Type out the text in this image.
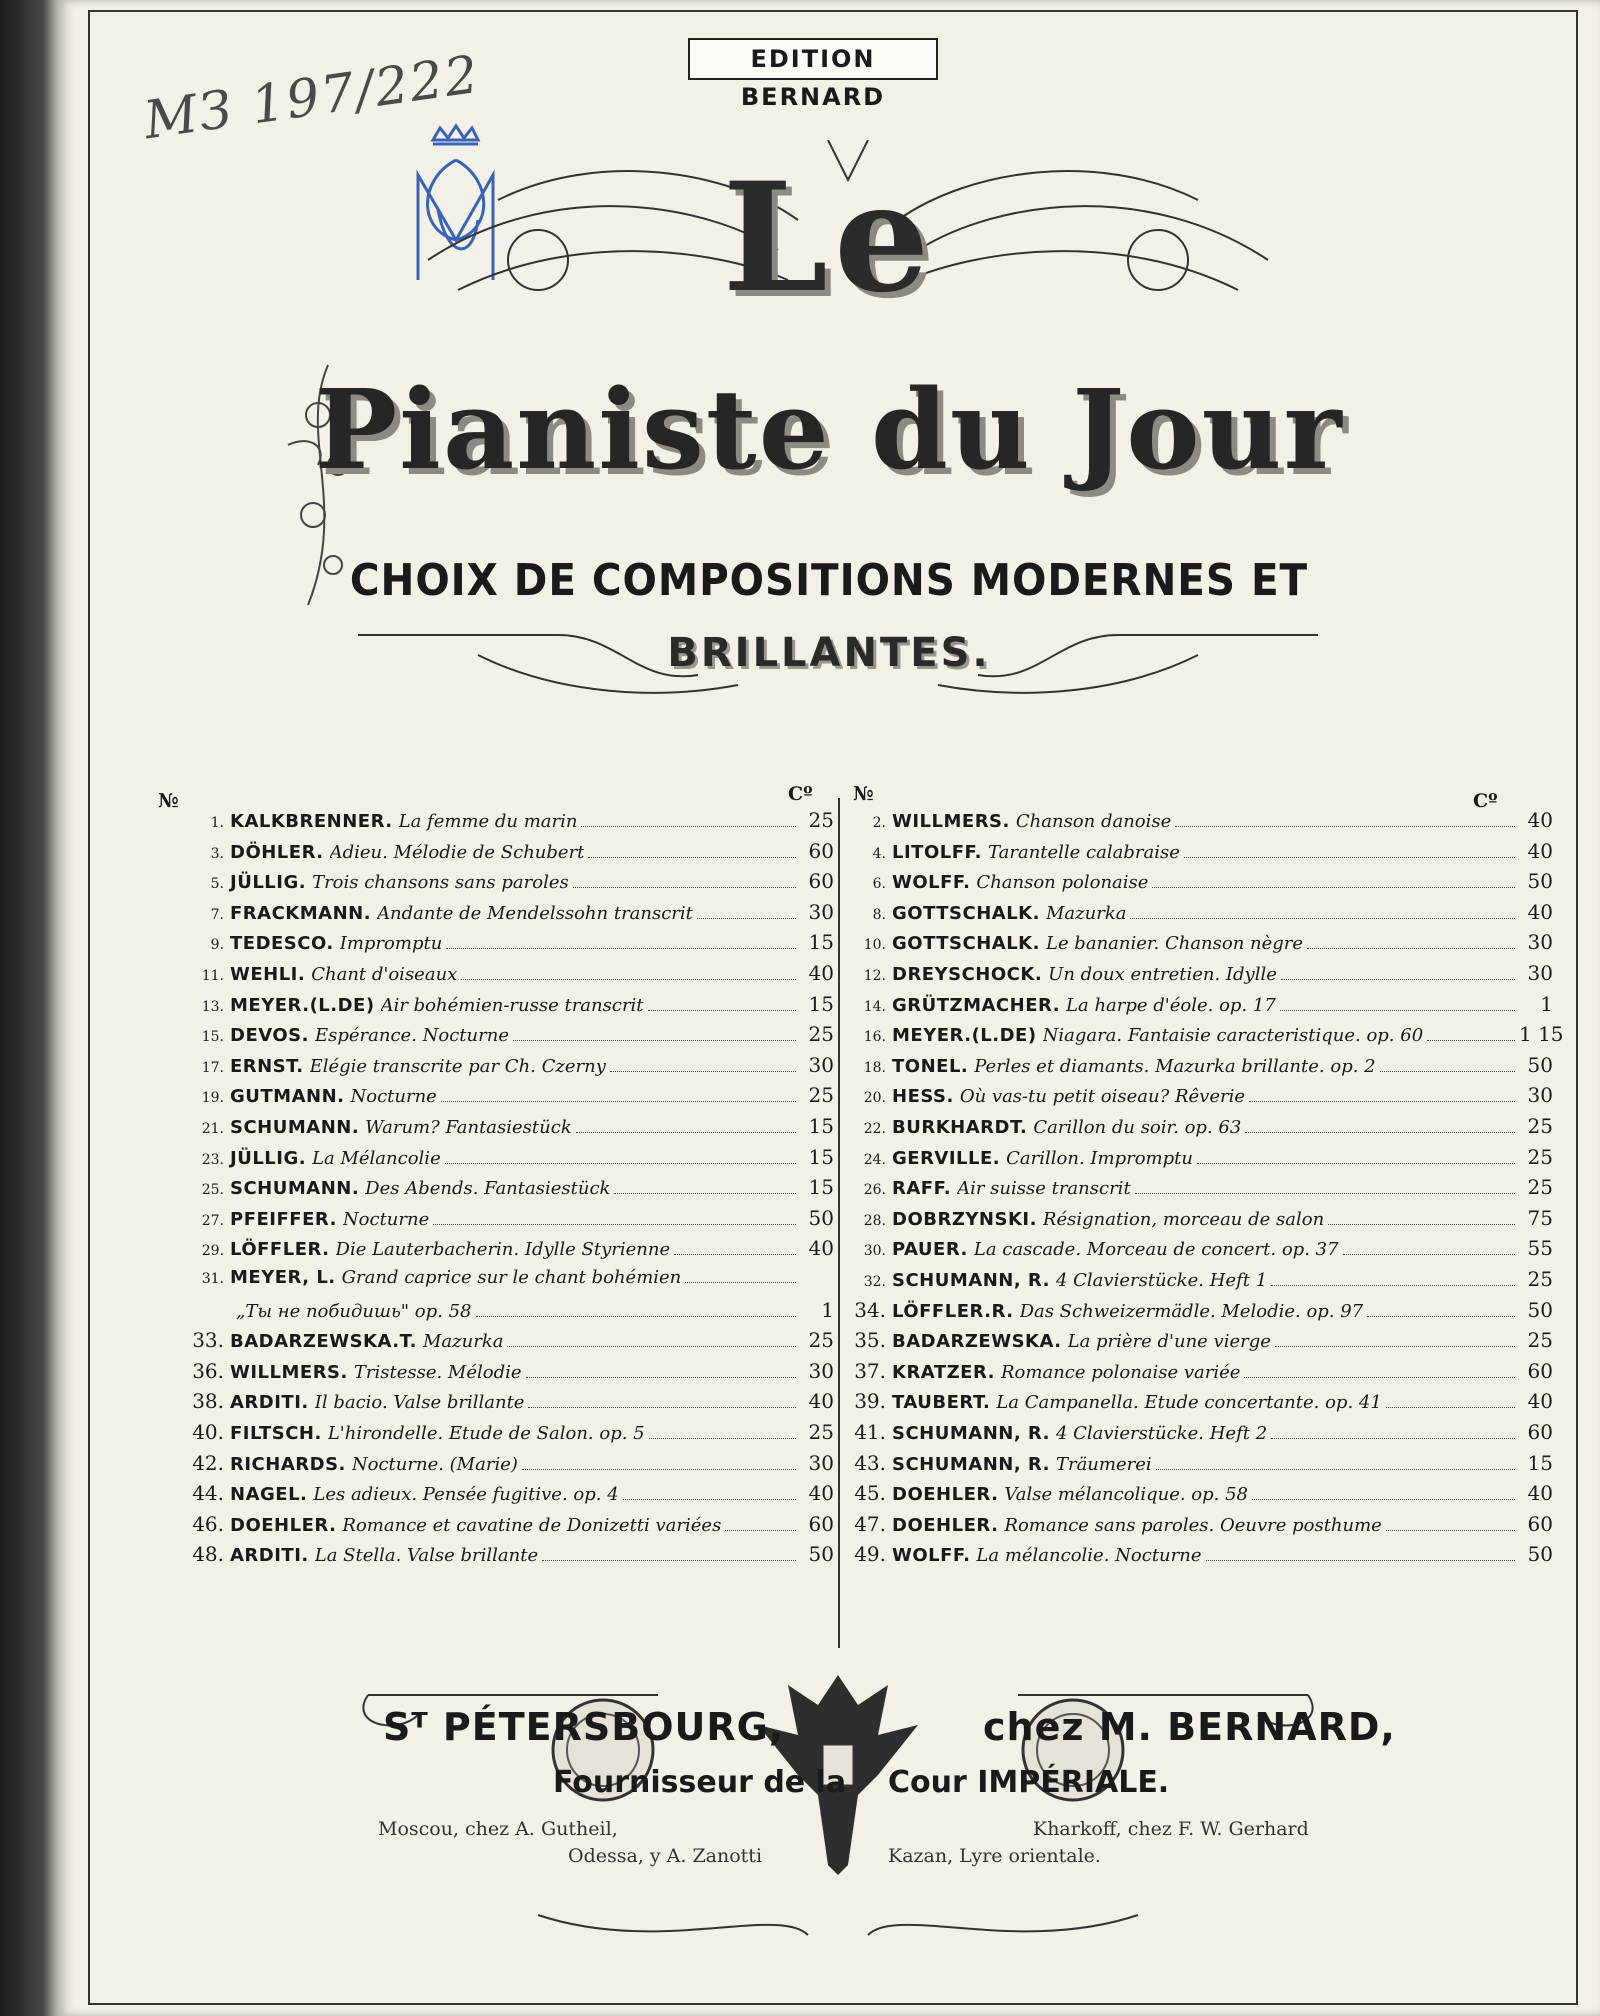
EDITION BERNARD
МЗ 197/222
Le
Pianiste du Jour
CHOIX DE COMPOSITIONS MODERNES ET
BRILLANTES.
№	Cº №	Cº
1. KALKBRENNER. La femme du marin	25
3. DÖHLER. Adieu. Mélodie de Schubert	60
5. JÜLLIG. Trois chansons sans paroles	60
7. FRACKMANN. Andante de Mendelssohn transcrit	30
9. TEDESCO. Impromptu	15
11. WEHLI. Chant d'oiseaux	40
13. MEYER.(L.DE) Air bohémien-russe transcrit	15
15. DEVOS. Espérance. Nocturne	25
17. ERNST. Elégie transcrite par Ch. Czerny	30
19. GUTMANN. Nocturne	25
21. SCHUMANN. Warum? Fantasiestück	15
23. JÜLLIG. La Mélancolie	15
25. SCHUMANN. Des Abends. Fantasiestück	15
27. PFEIFFER. Nocturne	50
29. LÖFFLER. Die Lauterbacherin. Idylle Styrienne	40
31. MEYER, L. Grand caprice sur le chant bohémien
„Ты не побидишь" op. 58	1
33. BADARZEWSKA.T. Mazurka	25
36. WILLMERS. Tristesse. Mélodie	30
38. ARDITI. Il bacio. Valse brillante	40
40. FILTSCH. L'hirondelle. Etude de Salon. op. 5	25
42. RICHARDS. Nocturne. (Marie)	30
44. NAGEL. Les adieux. Pensée fugitive. op. 4	40
46. DOEHLER. Romance et cavatine de Donizetti variées	60
48. ARDITI. La Stella. Valse brillante	50
2. WILLMERS. Chanson danoise	40
4. LITOLFF. Tarantelle calabraise	40
6. WOLFF. Chanson polonaise	50
8. GOTTSCHALK. Mazurka	40
10. GOTTSCHALK. Le bananier. Chanson nègre	30
12. DREYSCHOCK. Un doux entretien. Idylle	30
14. GRÜTZMACHER. La harpe d'éole. op. 17	1
16. MEYER.(L.DE) Niagara. Fantaisie caracteristique. op. 60	1 15
18. TONEL. Perles et diamants. Mazurka brillante. op. 2	50
20. HESS. Où vas-tu petit oiseau? Rêverie	30
22. BURKHARDT. Carillon du soir. op. 63	25
24. GERVILLE. Carillon. Impromptu	25
26. RAFF. Air suisse transcrit	25
28. DOBRZYNSKI. Résignation, morceau de salon	75
30. PAUER. La cascade. Morceau de concert. op. 37	55
32. SCHUMANN, R. 4 Clavierstücke. Heft 1	25
34. LÖFFLER.R. Das Schweizermädle. Melodie. op. 97	50
35. BADARZEWSKA. La prière d'une vierge	25
37. KRATZER. Romance polonaise variée	60
39. TAUBERT. La Campanella. Etude concertante. op. 41	40
41. SCHUMANN, R. 4 Clavierstücke. Heft 2	60
43. SCHUMANN, R. Träumerei	15
45. DOEHLER. Valse mélancolique. op. 58	40
47. DOEHLER. Romance sans paroles. Oeuvre posthume	60
49. WOLFF. La mélancolie. Nocturne	50
Sᵀ PÉTERSBOURG,	chez M. BERNARD,
Fournisseur de la Cour IMPÉRIALE.
Moscou, chez A. Gutheil,
Odessa, y A. Zanotti
Kharkoff, chez F. W. Gerhard
Kazan, Lyre orientale.
